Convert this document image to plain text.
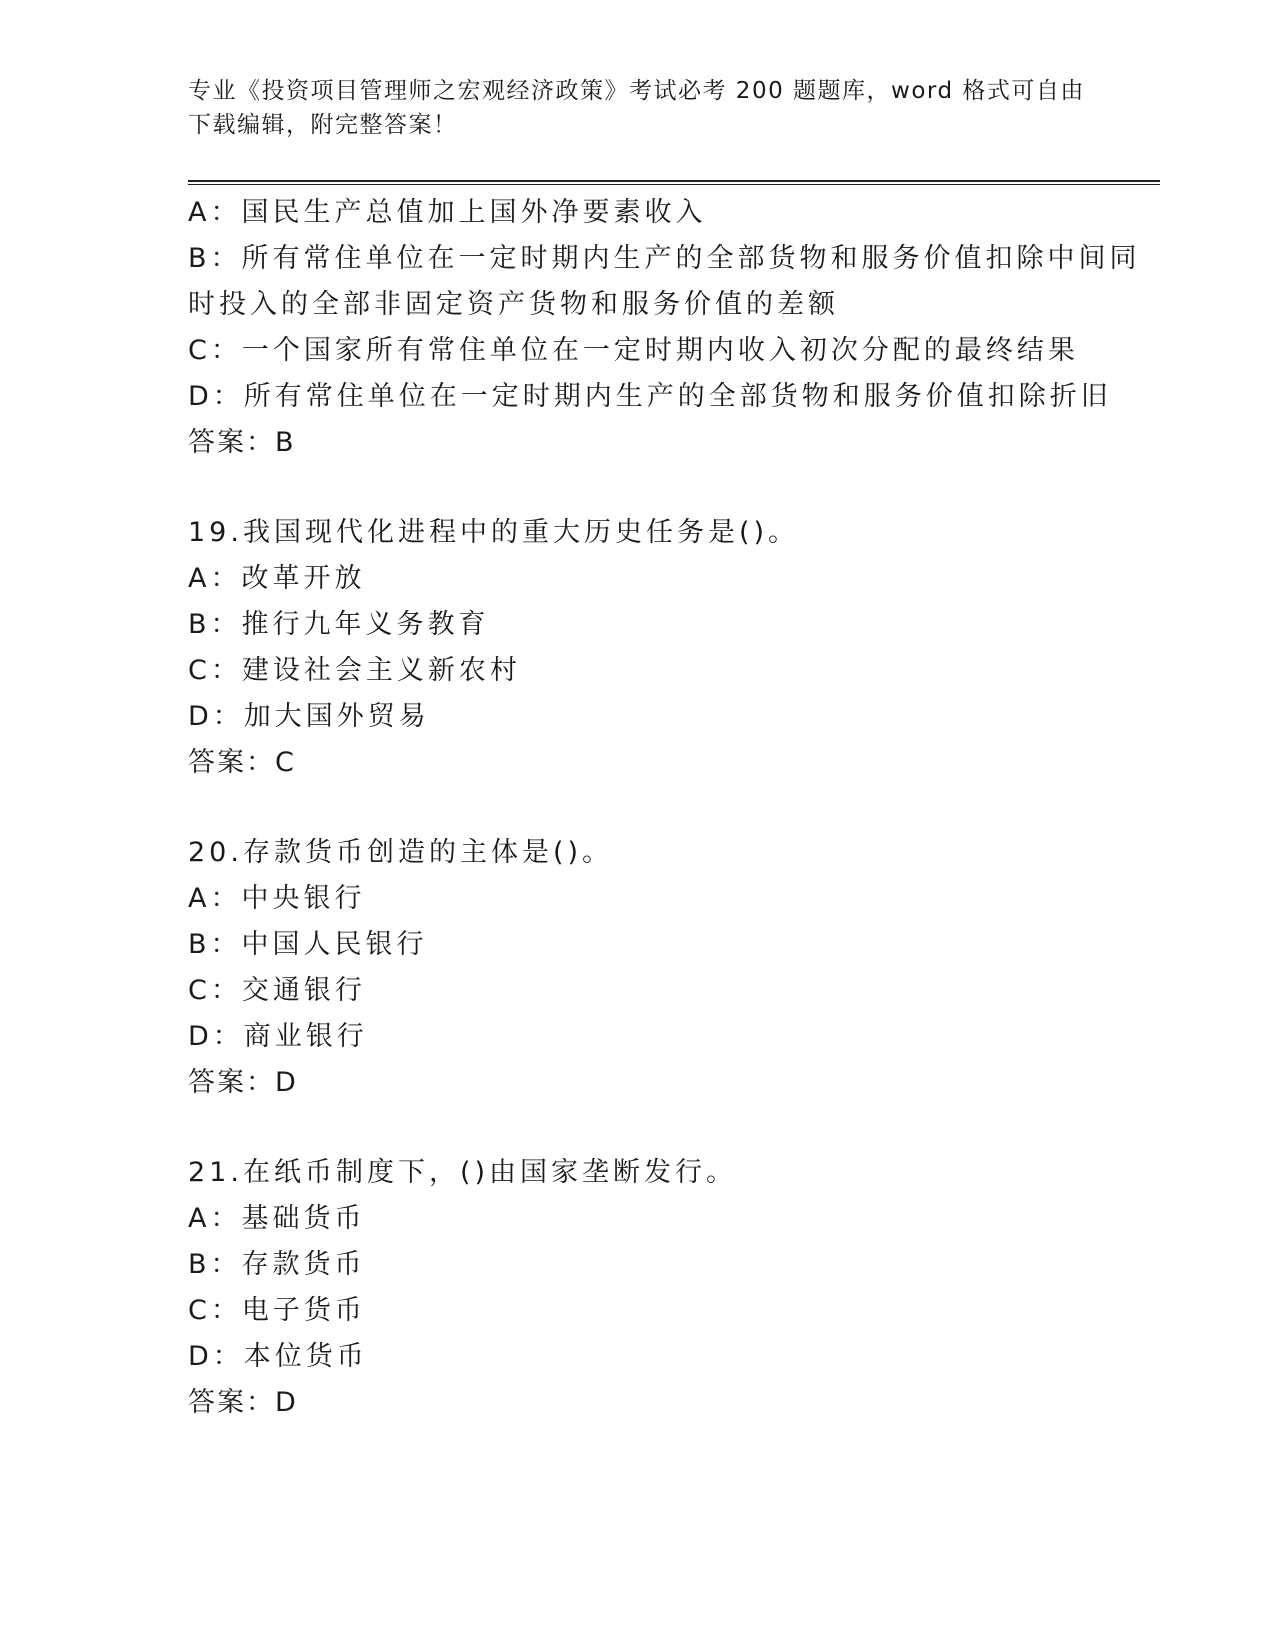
专业《投资项目管理师之宏观经济政策》考试必考 200 题题库，word 格式可自由
下载编辑，附完整答案！
A：国民生产总值加上国外净要素收入
B：所有常住单位在一定时期内生产的全部货物和服务价值扣除中间同
时投入的全部非固定资产货物和服务价值的差额
C：一个国家所有常住单位在一定时期内收入初次分配的最终结果
D：所有常住单位在一定时期内生产的全部货物和服务价值扣除折旧
答案：B
19.我国现代化进程中的重大历史任务是()。
A：改革开放
B：推行九年义务教育
C：建设社会主义新农村
D：加大国外贸易
答案：C
20.存款货币创造的主体是()。
A：中央银行
B：中国人民银行
C：交通银行
D：商业银行
答案：D
21.在纸币制度下，()由国家垄断发行。
A：基础货币
B：存款货币
C：电子货币
D：本位货币
答案：D
